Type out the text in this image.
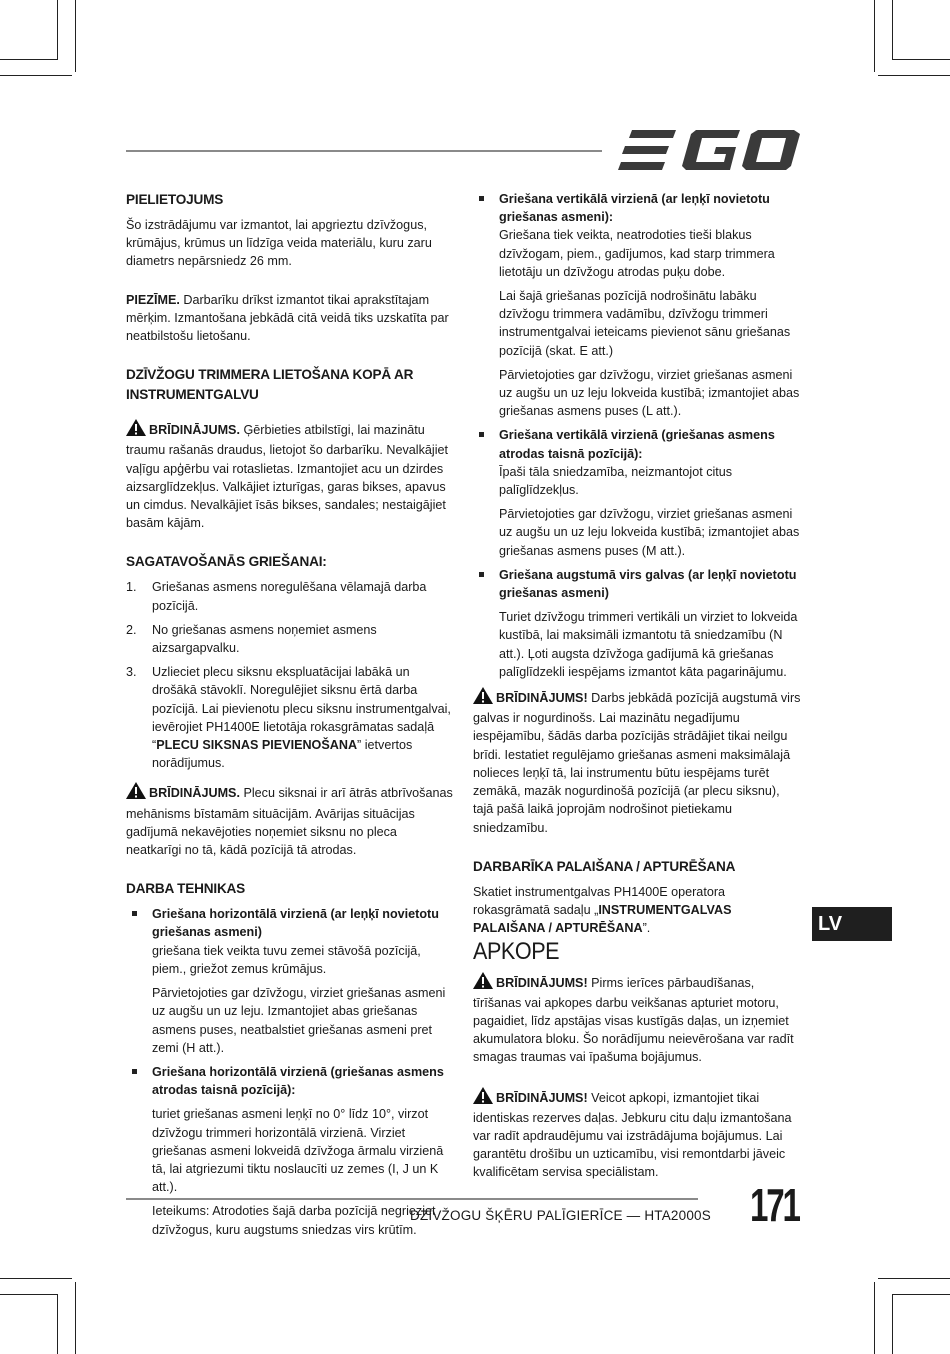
PIELIETOJUMS

Šo izstrādājumu var izmantot, lai apgrieztu dzīvžogus, krūmājus, krūmus un līdzīga veida materiālu, kuru zaru diametrs nepārsniedz 26 mm.

PIEZĪME. Darbarīku drīkst izmantot tikai aprakstītajam mērķim. Izmantošana jebkādā citā veidā tiks uzskatīta par neatbilstošu lietošanu.

DZĪVŽOGU TRIMMERA LIETOŠANA KOPĀ AR INSTRUMENTGALVU

BRĪDINĀJUMS. Ģērbieties atbilstīgi, lai mazinātu traumu rašanās draudus, lietojot šo darbarīku. Nevalkājiet vaļīgu apģērbu vai rotaslietas. Izmantojiet acu un dzirdes aizsarglīdzekļus. Valkājiet izturīgas, garas bikses, apavus un cimdus. Nevalkājiet īsās bikses, sandales; nestaigājiet basām kājām.

SAGATAVOŠANĀS GRIEŠANAI:
1. Griešanas asmens noregulēšana vēlamajā darba pozīcijā.
2. No griešanas asmens noņemiet asmens aizsargapvalku.
3. Uzlieciet plecu siksnu ekspluatācijai labākā un drošākā stāvoklī. Noregulējiet siksnu ērtā darba pozīcijā. Lai pievienotu plecu siksnu instrumentgalvai, ievērojiet PH1400E lietotāja rokasgrāmatas sadaļā “PLECU SIKSNAS PIEVIENOŠANA” ietvertos norādījumus.

BRĪDINĀJUMS. Plecu siksnai ir arī ātrās atbrīvošanas mehānisms bīstamām situācijām. Avārijas situācijas gadījumā nekavējoties noņemiet siksnu no pleca neatkarīgi no tā, kādā pozīcijā tā atrodas.

DARBA TEHNIKAS
Griešana horizontālā virzienā (ar leņķī novietotu griešanas asmeni)
griešana tiek veikta tuvu zemei stāvošā pozīcijā, piem., griežot zemus krūmājus.

Pārvietojoties gar dzīvžogu, virziet griešanas asmeni uz augšu un uz leju. Izmantojiet abas griešanas asmens puses, neatbalstiet griešanas asmeni pret zemi (H att.).

Griešana horizontālā virzienā (griešanas asmens atrodas taisnā pozīcijā):
turiet griešanas asmeni leņķī no 0° līdz 10°, virzot dzīvžogu trimmeri horizontālā virzienā. Virziet griešanas asmeni lokveidā dzīvžoga ārmalu virzienā tā, lai atgriezumi tiktu noslaucīti uz zemes (I, J un K att.).

Ieteikums: Atrodoties šajā darba pozīcijā negrieziet dzīvžogus, kuru augstums sniedzas virs krūtīm.

Griešana vertikālā virzienā (ar leņķī novietotu griešanas asmeni):
Griešana tiek veikta, neatrodoties tieši blakus dzīvžogam, piem., gadījumos, kad starp trimmera lietotāju un dzīvžogu atrodas puķu dobe.

Lai šajā griešanas pozīcijā nodrošinātu labāku dzīvžogu trimmera vadāmību, dzīvžogu trimmeri instrumentgalvai ieteicams pievienot sānu griešanas pozīcijā (skat. E att.)

Pārvietojoties gar dzīvžogu, virziet griešanas asmeni uz augšu un uz leju lokveida kustībā; izmantojiet abas griešanas asmens puses (L att.).

Griešana vertikālā virzienā (griešanas asmens atrodas taisnā pozīcijā):
Īpaši tāla sniedzamība, neizmantojot citus palīglīdzekļus.

Pārvietojoties gar dzīvžogu, virziet griešanas asmeni uz augšu un uz leju lokveida kustībā; izmantojiet abas griešanas asmens puses (M att.).

Griešana augstumā virs galvas (ar leņķī novietotu griešanas asmeni)

Turiet dzīvžogu trimmeri vertikāli un virziet to lokveida kustībā, lai maksimāli izmantotu tā sniedzamību (N att.). Ļoti augsta dzīvžoga gadījumā kā griešanas palīglīdzekli iespējams izmantot kāta pagarinājumu.

BRĪDINĀJUMS! Darbs jebkādā pozīcijā augstumā virs galvas ir nogurdinošs. Lai mazinātu negadījumu iespējamību, šādās darba pozīcijās strādājiet tikai neilgu brīdi. Iestatiet regulējamo griešanas asmeni maksimālajā nolieces leņķī tā, lai instrumentu būtu iespējams turēt zemākā, mazāk nogurdinošā pozīcijā (ar plecu siksnu), tajā pašā laikā joprojām nodrošinot pietiekamu sniedzamību.

DARBARĪKA PALAIŠANA / APTURĒŠANA

Skatiet instrumentgalvas PH1400E operatora rokasgrāmatā sadaļu „INSTRUMENTGALVAS PALAIŠANA / APTURĒŠANA”.

APKOPE

BRĪDINĀJUMS! Pirms ierīces pārbaudīšanas, tīrīšanas vai apkopes darbu veikšanas apturiet motoru, pagaidiet, līdz apstājas visas kustīgās daļas, un izņemiet akumulatora bloku. Šo norādījumu neievērošana var radīt smagas traumas vai īpašuma bojājumus.

BRĪDINĀJUMS! Veicot apkopi, izmantojiet tikai identiskas rezerves daļas. Jebkuru citu daļu izmantošana var radīt apdraudējumu vai izstrādājuma bojājumus. Lai garantētu drošību un uzticamību, visi remontdarbi jāveic kvalificētam servisa speciālistam.

LV
DZĪVŽOGU ŠĶĒRU PALĪGIERĪCE — HTA2000S 171
